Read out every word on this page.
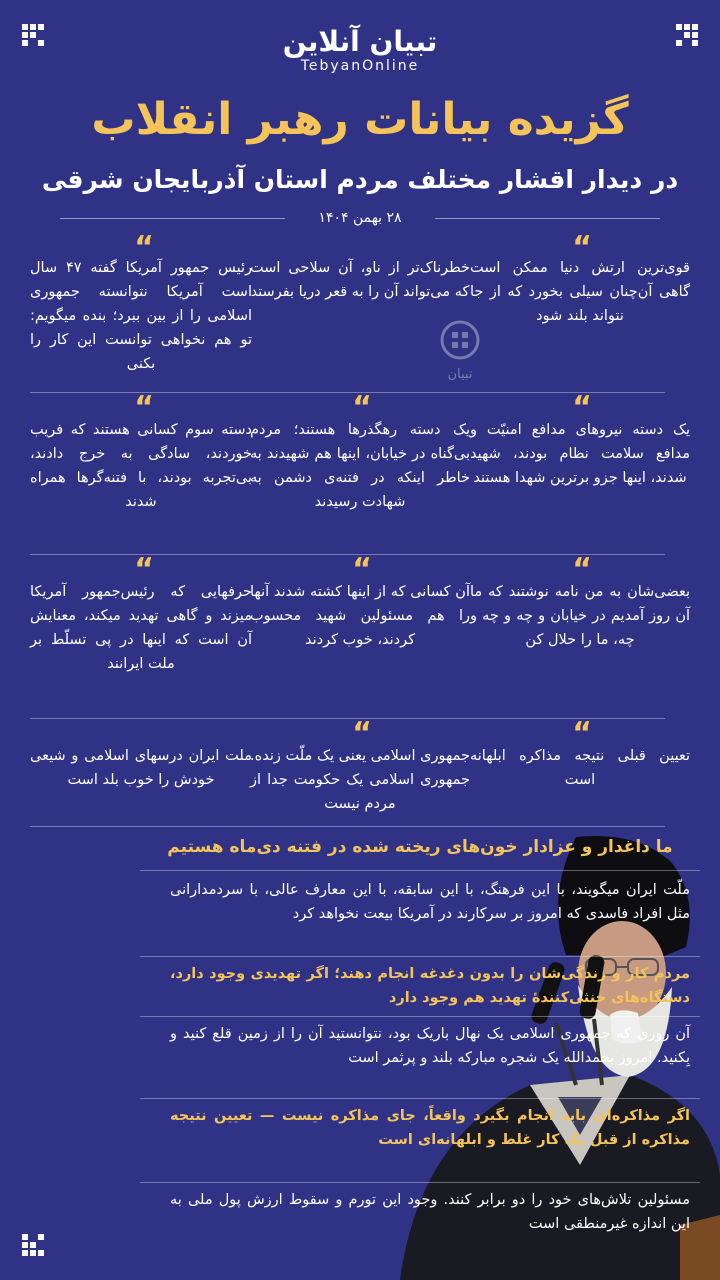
تبیان آنلاین
TebyanOnline
گزیده بیانات رهبر انقلاب
در دیدار اقشار مختلف مردم استان آذربایجان شرقی
۲۸ بهمن ۱۴۰۴
تبیان
“
قوی‌ترین ارتش دنیا ممکن است گاهی آن‌چنان سیلی بخورد که از جا نتواند بلند شود
خطرناک‌تر از ناو، آن سلاحی است که می‌تواند آن را به قعر دریا بفرستد
“
رئیس جمهور آمریکا گفته ۴۷ سال است آمریکا نتوانسته جمهوری اسلامی را از بین ببرد؛ بنده میگویم: تو هم نخواهی توانست این کار را بکنی
“
یک دسته نیروهای مدافع امنیّت و مدافع سلامت نظام بودند، شهید شدند، اینها جزو برترین شهدا هستند
“
یک دسته رهگذرها هستند؛ مردم بی‌گناه در خیابان، اینها هم شهیدند به خاطر اینکه در فتنه‌ی دشمن به شهادت رسیدند
“
دسته سوم کسانی هستند که فریب خوردند، سادگی به خرج دادند، بی‌تجربه بودند، با فتنه‌گرها همراه شدند
“
بعضی‌شان به من نامه نوشتند که ما آن روز آمدیم در خیابان و چه و چه و چه، ما را حلال کن
“
آن کسانی که از اینها کشته شدند آنها را هم مسئولین شهید محسوب کردند، خوب کردند
“
حرفهایی که رئیس‌جمهور آمریکا میزند و گاهی تهدید میکند، معنایش آن است که اینها در پی تسلّط بر ملت ایرانند
“
تعیین قبلی نتیجه مذاکره ابلهانه است
“
جمهوری اسلامی یعنی یک ملّت زنده. جمهوری اسلامی یک حکومت جدا از مردم نیست
ملت ایران درسهای اسلامی و شیعی خودش را خوب بلد است
ما داغدار و عزادار خون‌های ریخته شده در فتنه دی‌ماه هستیم
ملّت ایران میگویند، با این فرهنگ، با این سابقه، با این معارف عالی، با سردمدارانی مثل افراد فاسدی که امروز بر سرکارند در آمریکا بیعت نخواهد کرد
مردم کار و زندگی‌شان را بدون دغدغه انجام دهند؛ اگر تهدیدی وجود دارد، دستگاه‌های خنثی‌کنندهٔ تهدید هم وجود دارد
آن روزی که جمهوری اسلامی یک نهال باریک بود، نتوانستید آن را از زمین قلع کنید و بِکنید. امروز بحمدالله یک شجره مبارکه بلند و پرثمر است
اگر مذاکره‌ای باید انجام بگیرد واقعاً، جای مذاکره نیست — تعیین نتیجه مذاکره از قبل یک کار غلط و ابلهانه‌ای است
مسئولین تلاش‌های خود را دو برابر کنند. وجود این تورم و سقوط ارزش پول ملی به این اندازه غیرمنطقی است
